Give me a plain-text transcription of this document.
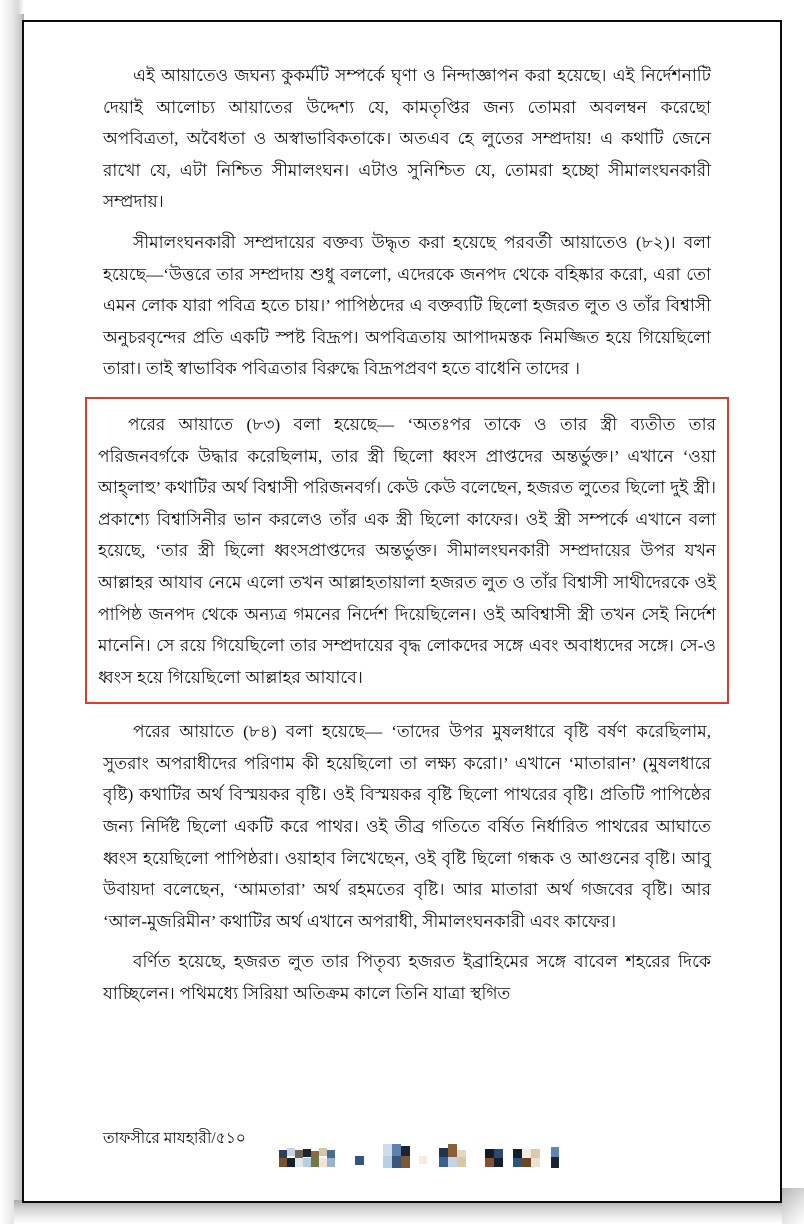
এই আয়াতেও জঘন্য কুকর্মটি সম্পর্কে ঘৃণা ও নিন্দাজ্ঞাপন করা হয়েছে। এই নির্দেশনাটি দেয়াই আলোচ্য আয়াতের উদ্দেশ্য যে, কামতৃপ্তির জন্য তোমরা অবলম্বন করেছো অপবিত্রতা, অবৈধতা ও অস্বাভাবিকতাকে। অতএব হে লুতের সম্প্রদায়! এ কথাটি জেনে রাখো যে, এটা নিশ্চিত সীমালংঘন। এটাও সুনিশ্চিত যে, তোমরা হচ্ছো সীমালংঘনকারী সম্প্রদায়।

সীমালংঘনকারী সম্প্রদায়ের বক্তব্য উদ্ধৃত করা হয়েছে পরবর্তী আয়াতেও (৮২)। বলা হয়েছে—‘উত্তরে তার সম্প্রদায় শুধু বললো, এদেরকে জনপদ থেকে বহিষ্কার করো, এরা তো এমন লোক যারা পবিত্র হতে চায়।’ পাপিষ্ঠদের এ বক্তব্যটি ছিলো হজরত লুত ও তাঁর বিশ্বাসী অনুচরবৃন্দের প্রতি একটি স্পষ্ট বিদ্রূপ। অপবিত্রতায় আপাদমস্তক নিমজ্জিত হয়ে গিয়েছিলো তারা। তাই স্বাভাবিক পবিত্রতার বিরুদ্ধে বিদ্রূপপ্রবণ হতে বাধেনি তাদের ।

পরের আয়াতে (৮৩) বলা হয়েছে— ‘অতঃপর তাকে ও তার স্ত্রী ব্যতীত তার পরিজনবর্গকে উদ্ধার করেছিলাম, তার স্ত্রী ছিলো ধ্বংস প্রাপ্তদের অন্তর্ভুক্ত।’ এখানে ‘ওয়া আহ্‌লাহু’ কথাটির অর্থ বিশ্বাসী পরিজনবর্গ। কেউ কেউ বলেছেন, হজরত লুতের ছিলো দুই স্ত্রী। প্রকাশ্যে বিশ্বাসিনীর ভান করলেও তাঁর এক স্ত্রী ছিলো কাফের। ওই স্ত্রী সম্পর্কে এখানে বলা হয়েছে, ‘তার স্ত্রী ছিলো ধ্বংসপ্রাপ্তদের অন্তর্ভুক্ত। সীমালংঘনকারী সম্প্রদায়ের উপর যখন আল্লাহর আযাব নেমে এলো তখন আল্লাহতায়ালা হজরত লুত ও তাঁর বিশ্বাসী সাথীদেরকে ওই পাপিষ্ঠ জনপদ থেকে অন্যত্র গমনের নির্দেশ দিয়েছিলেন। ওই অবিশ্বাসী স্ত্রী তখন সেই নির্দেশ মানেনি। সে রয়ে গিয়েছিলো তার সম্প্রদায়ের বৃদ্ধ লোকদের সঙ্গে এবং অবাধ্যদের সঙ্গে। সে-ও ধ্বংস হয়ে গিয়েছিলো আল্লাহর আযাবে।

পরের আয়াতে (৮৪) বলা হয়েছে— ‘তাদের উপর মুষলধারে বৃষ্টি বর্ষণ করেছিলাম, সুতরাং অপরাধীদের পরিণাম কী হয়েছিলো তা লক্ষ্য করো।’ এখানে ‘মাতারান’ (মুষলধারে বৃষ্টি) কথাটির অর্থ বিস্ময়কর বৃষ্টি। ওই বিস্ময়কর বৃষ্টি ছিলো পাথরের বৃষ্টি। প্রতিটি পাপিষ্ঠের জন্য নির্দিষ্ট ছিলো একটি করে পাথর। ওই তীব্র গতিতে বর্ষিত নির্ধারিত পাথরের আঘাতে ধ্বংস হয়েছিলো পাপিষ্ঠরা। ওয়াহাব লিখেছেন, ওই বৃষ্টি ছিলো গন্ধক ও আগুনের বৃষ্টি। আবু উবায়দা বলেছেন, ‘আমতারা’ অর্থ রহমতের বৃষ্টি। আর মাতারা অর্থ গজবের বৃষ্টি। আর ‘আল-মুজরিমীন’ কথাটির অর্থ এখানে অপরাধী, সীমালংঘনকারী এবং কাফের।

বর্ণিত হয়েছে, হজরত লুত তার পিতৃব্য হজরত ইব্রাহিমের সঙ্গে বাবেল শহরের দিকে যাচ্ছিলেন। পথিমধ্যে সিরিয়া অতিক্রম কালে তিনি যাত্রা স্থগিত

তাফসীরে মাযহারী/৫১০
